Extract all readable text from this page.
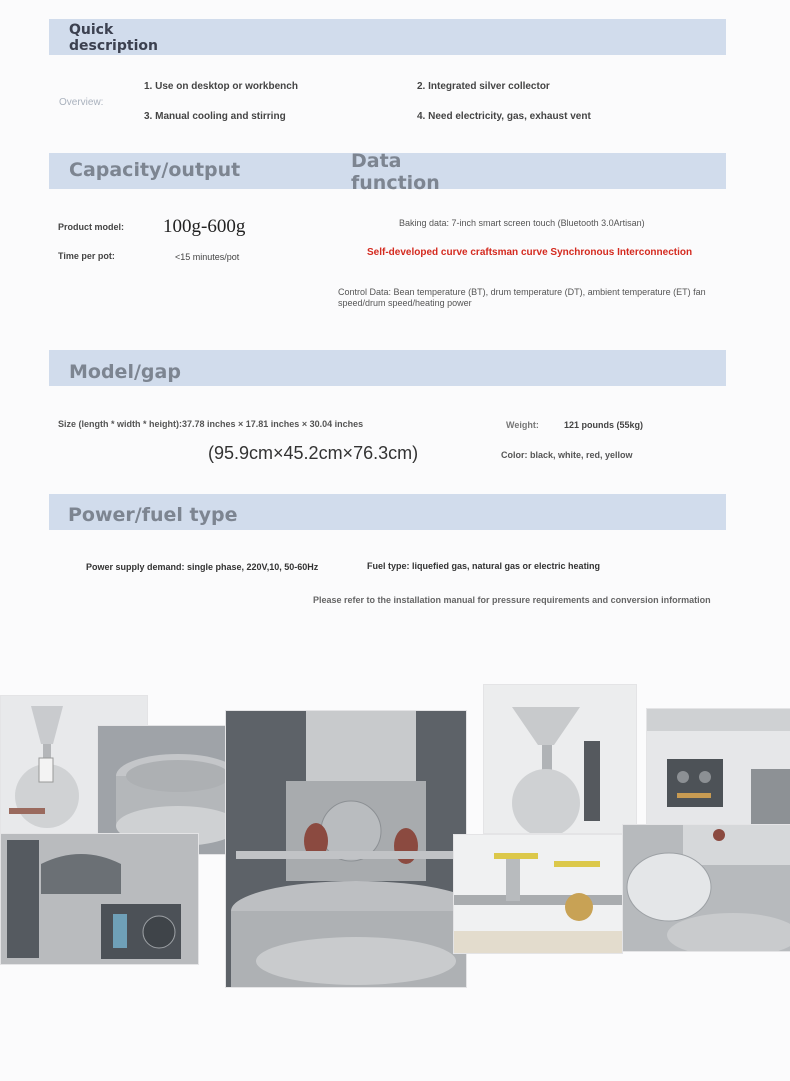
Quick description
Overview:
1. Use on desktop or workbench	2. Integrated silver collector
3. Manual cooling and stirring	4. Need electricity, gas, exhaust vent
Capacity/output	Data function
Product model: 100g-600g
Time per pot:	<15 minutes/pot
Baking data: 7-inch smart screen touch (Bluetooth 3.0Artisan)
Self-developed curve craftsman curve Synchronous Interconnection
Control Data: Bean temperature (BT), drum temperature (DT), ambient temperature (ET) fan speed/drum speed/heating power
Model/gap
Size (length * width * height):37.78 inches × 17.81 inches × 30.04 inches
(95.9cm×45.2cm×76.3cm)
Weight:	121 pounds (55kg)
Color: black, white, red, yellow
Power/fuel type
Power supply demand: single phase, 220V,10, 50-60Hz	Fuel type: liquefied gas, natural gas or electric heating
Please refer to the installation manual for pressure requirements and conversion information
